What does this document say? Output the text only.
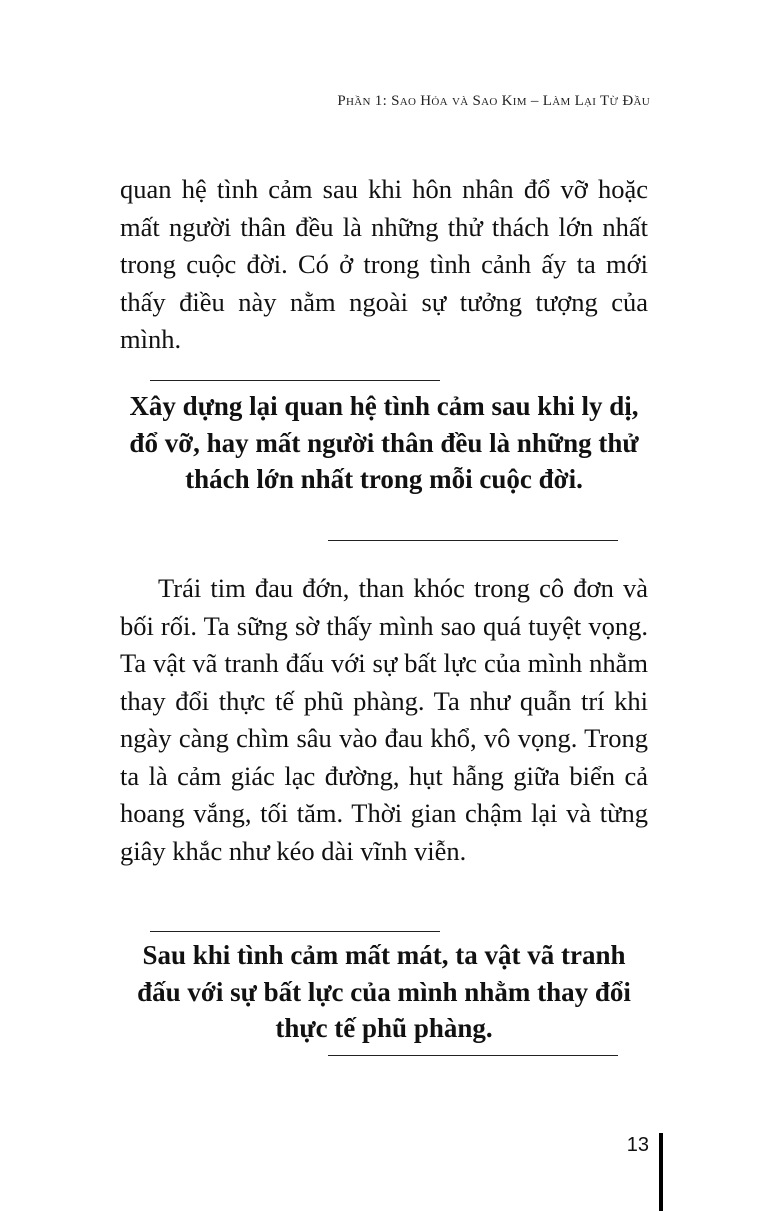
Phần 1: Sao Hỏa và Sao Kim – Làm Lại Từ Đầu

quan hệ tình cảm sau khi hôn nhân đổ vỡ hoặc mất người thân đều là những thử thách lớn nhất trong cuộc đời. Có ở trong tình cảnh ấy ta mới thấy điều này nằm ngoài sự tưởng tượng của mình.

Xây dựng lại quan hệ tình cảm sau khi ly dị, đổ vỡ, hay mất người thân đều là những thử thách lớn nhất trong mỗi cuộc đời.

Trái tim đau đớn, than khóc trong cô đơn và bối rối. Ta sững sờ thấy mình sao quá tuyệt vọng. Ta vật vã tranh đấu với sự bất lực của mình nhằm thay đổi thực tế phũ phàng. Ta như quẫn trí khi ngày càng chìm sâu vào đau khổ, vô vọng. Trong ta là cảm giác lạc đường, hụt hẫng giữa biển cả hoang vắng, tối tăm. Thời gian chậm lại và từng giây khắc như kéo dài vĩnh viễn.

Sau khi tình cảm mất mát, ta vật vã tranh đấu với sự bất lực của mình nhằm thay đổi thực tế phũ phàng.

13
